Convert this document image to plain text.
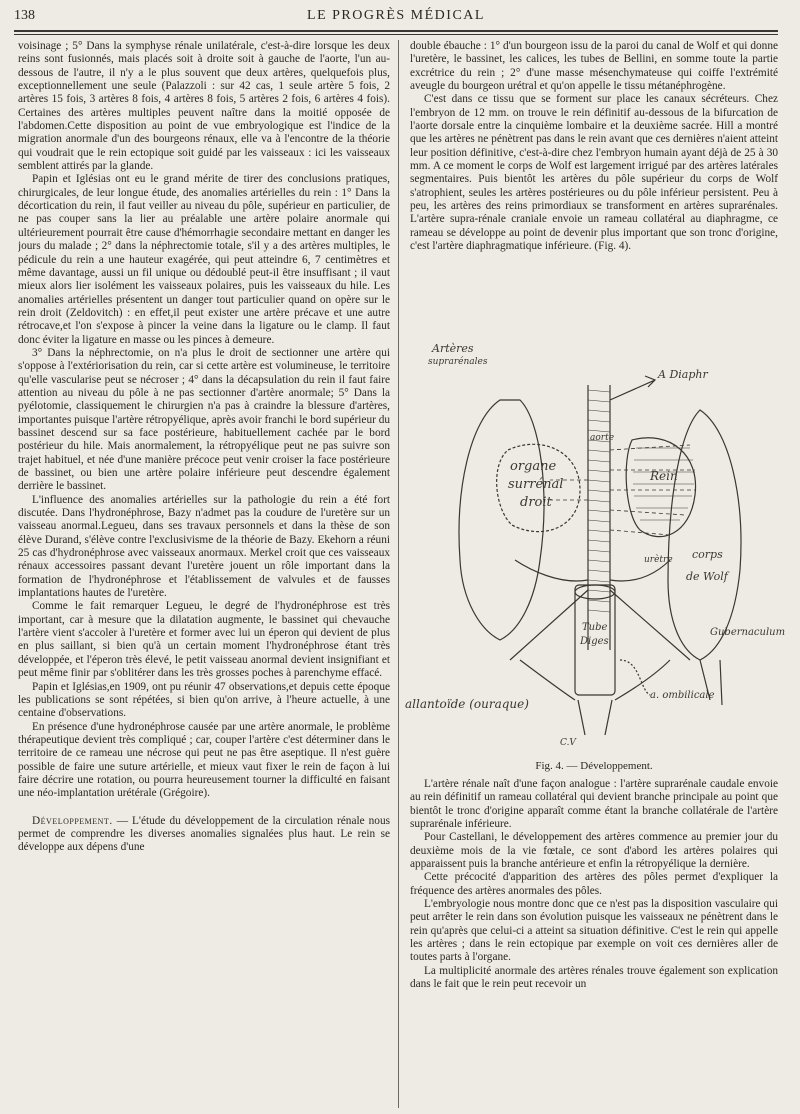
138	LE PROGRÈS MÉDICAL

voisinage ; 5° Dans la symphyse rénale unilatérale, c'est-à-dire lorsque les deux reins sont fusionnés, mais placés soit à droite soit à gauche de l'aorte, l'un au-dessous de l'autre, il n'y a le plus souvent que deux artères, quelquefois plus, exceptionnellement une seule (Palazzoli : sur 42 cas, 1 seule artère 5 fois, 2 artères 15 fois, 3 artères 8 fois, 4 artères 8 fois, 5 artères 2 fois, 6 artères 4 fois). Certaines des artères multiples peuvent naître dans la moitié opposée de l'abdomen.Cette disposition au point de vue embryologique est l'indice de la migration anormale d'un des bourgeons rénaux, elle va à l'encontre de la théorie qui voudrait que le rein ectopique soit guidé par les vaisseaux : ici les vaisseaux semblent attirés par la glande.

Papin et Iglésias ont eu le grand mérite de tirer des conclusions pratiques, chirurgicales, de leur longue étude, des anomalies artérielles du rein : 1° Dans la décortication du rein, il faut veiller au niveau du pôle, supérieur en particulier, de ne pas couper sans la lier au préalable une artère polaire anormale qui ultérieurement pourrait être cause d'hémorrhagie secondaire mettant en danger les jours du malade ; 2° dans la néphrectomie totale, s'il y a des artères multiples, le pédicule du rein a une hauteur exagérée, qui peut atteindre 6, 7 centimètres et même davantage, aussi un fil unique ou dédoublé peut-il être insuffisant ; il vaut mieux alors lier isolément les vaisseaux polaires, puis les vaisseaux du hile. Les anomalies artérielles présentent un danger tout particulier quand on opère sur le rein droit (Zeldovitch) : en effet,il peut exister une artère précave et une autre rétrocave,et l'on s'expose à pincer la veine dans la ligature ou le clamp. Il faut donc éviter la ligature en masse ou les pinces à demeure.

3° Dans la néphrectomie, on n'a plus le droit de sectionner une artère qui s'oppose à l'extériorisation du rein, car si cette artère est volumineuse, le territoire qu'elle vascularise peut se nécroser ; 4° dans la décapsulation du rein il faut faire attention au niveau du pôle à ne pas sectionner d'artère anormale; 5° Dans la pyélotomie, classiquement le chirurgien n'a pas à craindre la blessure d'artères, importantes puisque l'artère rétropyélique, après avoir franchi le bord supérieur du bassinet descend sur sa face postérieure, habituellement cachée par le bord postérieur du hile. Mais anormalement, la rétropyélique peut ne pas suivre son trajet habituel, et née d'une manière précoce peut venir croiser la face postérieure de bassinet, ou bien une artère polaire inférieure peut descendre également derrière le bassinet.

L'influence des anomalies artérielles sur la pathologie du rein a été fort discutée. Dans l'hydronéphrose, Bazy n'admet pas la coudure de l'uretère sur un vaisseau anormal.Legueu, dans ses travaux personnels et dans la thèse de son élève Durand, s'élève contre l'exclusivisme de la théorie de Bazy. Ekehorn a réuni 25 cas d'hydronéphrose avec vaisseaux anormaux. Merkel croit que ces vaisseaux rénaux accessoires passant devant l'uretère jouent un rôle important dans la formation de l'hydronéphrose et l'établissement de valvules et de fausses implantations hautes de l'uretère.

Comme le fait remarquer Legueu, le degré de l'hydronéphrose est très important, car à mesure que la dilatation augmente, le bassinet qui chevauche l'artère vient s'accoler à l'uretère et former avec lui un éperon qui devient de plus en plus saillant, si bien qu'à un certain moment l'hydronéphrose étant très développée, et l'éperon très élevé, le petit vaisseau anormal devient insignifiant et peut même finir par s'oblitérer dans les très grosses poches à parenchyme effacé.

Papin et Iglésias,en 1909, ont pu réunir 47 observations,et depuis cette époque les publications se sont répétées, si bien qu'on arrive, à l'heure actuelle, à une centaine d'observations.

En présence d'une hydronéphrose causée par une artère anormale, le problème thérapeutique devient très compliqué ; car, couper l'artère c'est déterminer dans le territoire de ce rameau une nécrose qui peut ne pas être aseptique. Il n'est guère possible de faire une suture artérielle, et mieux vaut fixer le rein de façon à lui faire décrire une rotation, ou pourra heureusement tourner la difficulté en faisant une néo-implantation urétérale (Grégoire).

Développement. — L'étude du développement de la circulation rénale nous permet de comprendre les diverses anomalies signalées plus haut. Le rein se développe aux dépens d'une

double ébauche : 1° d'un bourgeon issu de la paroi du canal de Wolf et qui donne l'uretère, le bassinet, les calices, les tubes de Bellini, en somme toute la partie excrétrice du rein ; 2° d'une masse mésenchymateuse qui coiffe l'extrémité aveugle du bourgeon urétral et qu'on appelle le tissu métanéphrogène.

C'est dans ce tissu que se forment sur place les canaux sécréteurs. Chez l'embryon de 12 mm. on trouve le rein définitif au-dessous de la bifurcation de l'aorte dorsale entre la cinquième lombaire et la deuxième sacrée. Hill a montré que les artères ne pénètrent pas dans le rein avant que ces dernières n'aient atteint leur position définitive, c'est-à-dire chez l'embryon humain ayant déjà de 25 à 30 mm. A ce moment le corps de Wolf est largement irrigué par des artères latérales segmentaires. Puis bientôt les artères du pôle supérieur du corps de Wolf s'atrophient, seules les artères postérieures ou du pôle inférieur persistent. Peu à peu, les artères des reins primordiaux se transforment en artères suprarénales. L'artère supra-rénale craniale envoie un rameau collatéral au diaphragme, ce rameau se développe au point de devenir plus important que son tronc d'origine, c'est l'artère diaphragmatique inférieure. (Fig. 4).

Artères
suprarénales
A Diaphr
aorte
organe
surrénal
droit
Rein
corps
de Wolf
urètre
Tube
Diges
Gubernaculum
allantoïde (ouraque)
a. ombilicale
C.V
Fig. 4. — Développement.

L'artère rénale naît d'une façon analogue : l'artère suprarénale caudale envoie au rein définitif un rameau collatéral qui devient branche principale au point que bientôt le tronc d'origine apparaît comme étant la branche collatérale de l'artère suprarénale inférieure.

Pour Castellani, le développement des artères commence au premier jour du deuxième mois de la vie fœtale, ce sont d'abord les artères polaires qui apparaissent puis la branche antérieure et enfin la rétropyélique la dernière.

Cette précocité d'apparition des artères des pôles permet d'expliquer la fréquence des artères anormales des pôles.

L'embryologie nous montre donc que ce n'est pas la disposition vasculaire qui peut arrêter le rein dans son évolution puisque les vaisseaux ne pénètrent dans le rein qu'après que celui-ci a atteint sa situation définitive. C'est le rein qui appelle les artères ; dans le rein ectopique par exemple on voit ces dernières aller de toutes parts à l'organe.

La multiplicité anormale des artères rénales trouve également son explication dans le fait que le rein peut recevoir un
